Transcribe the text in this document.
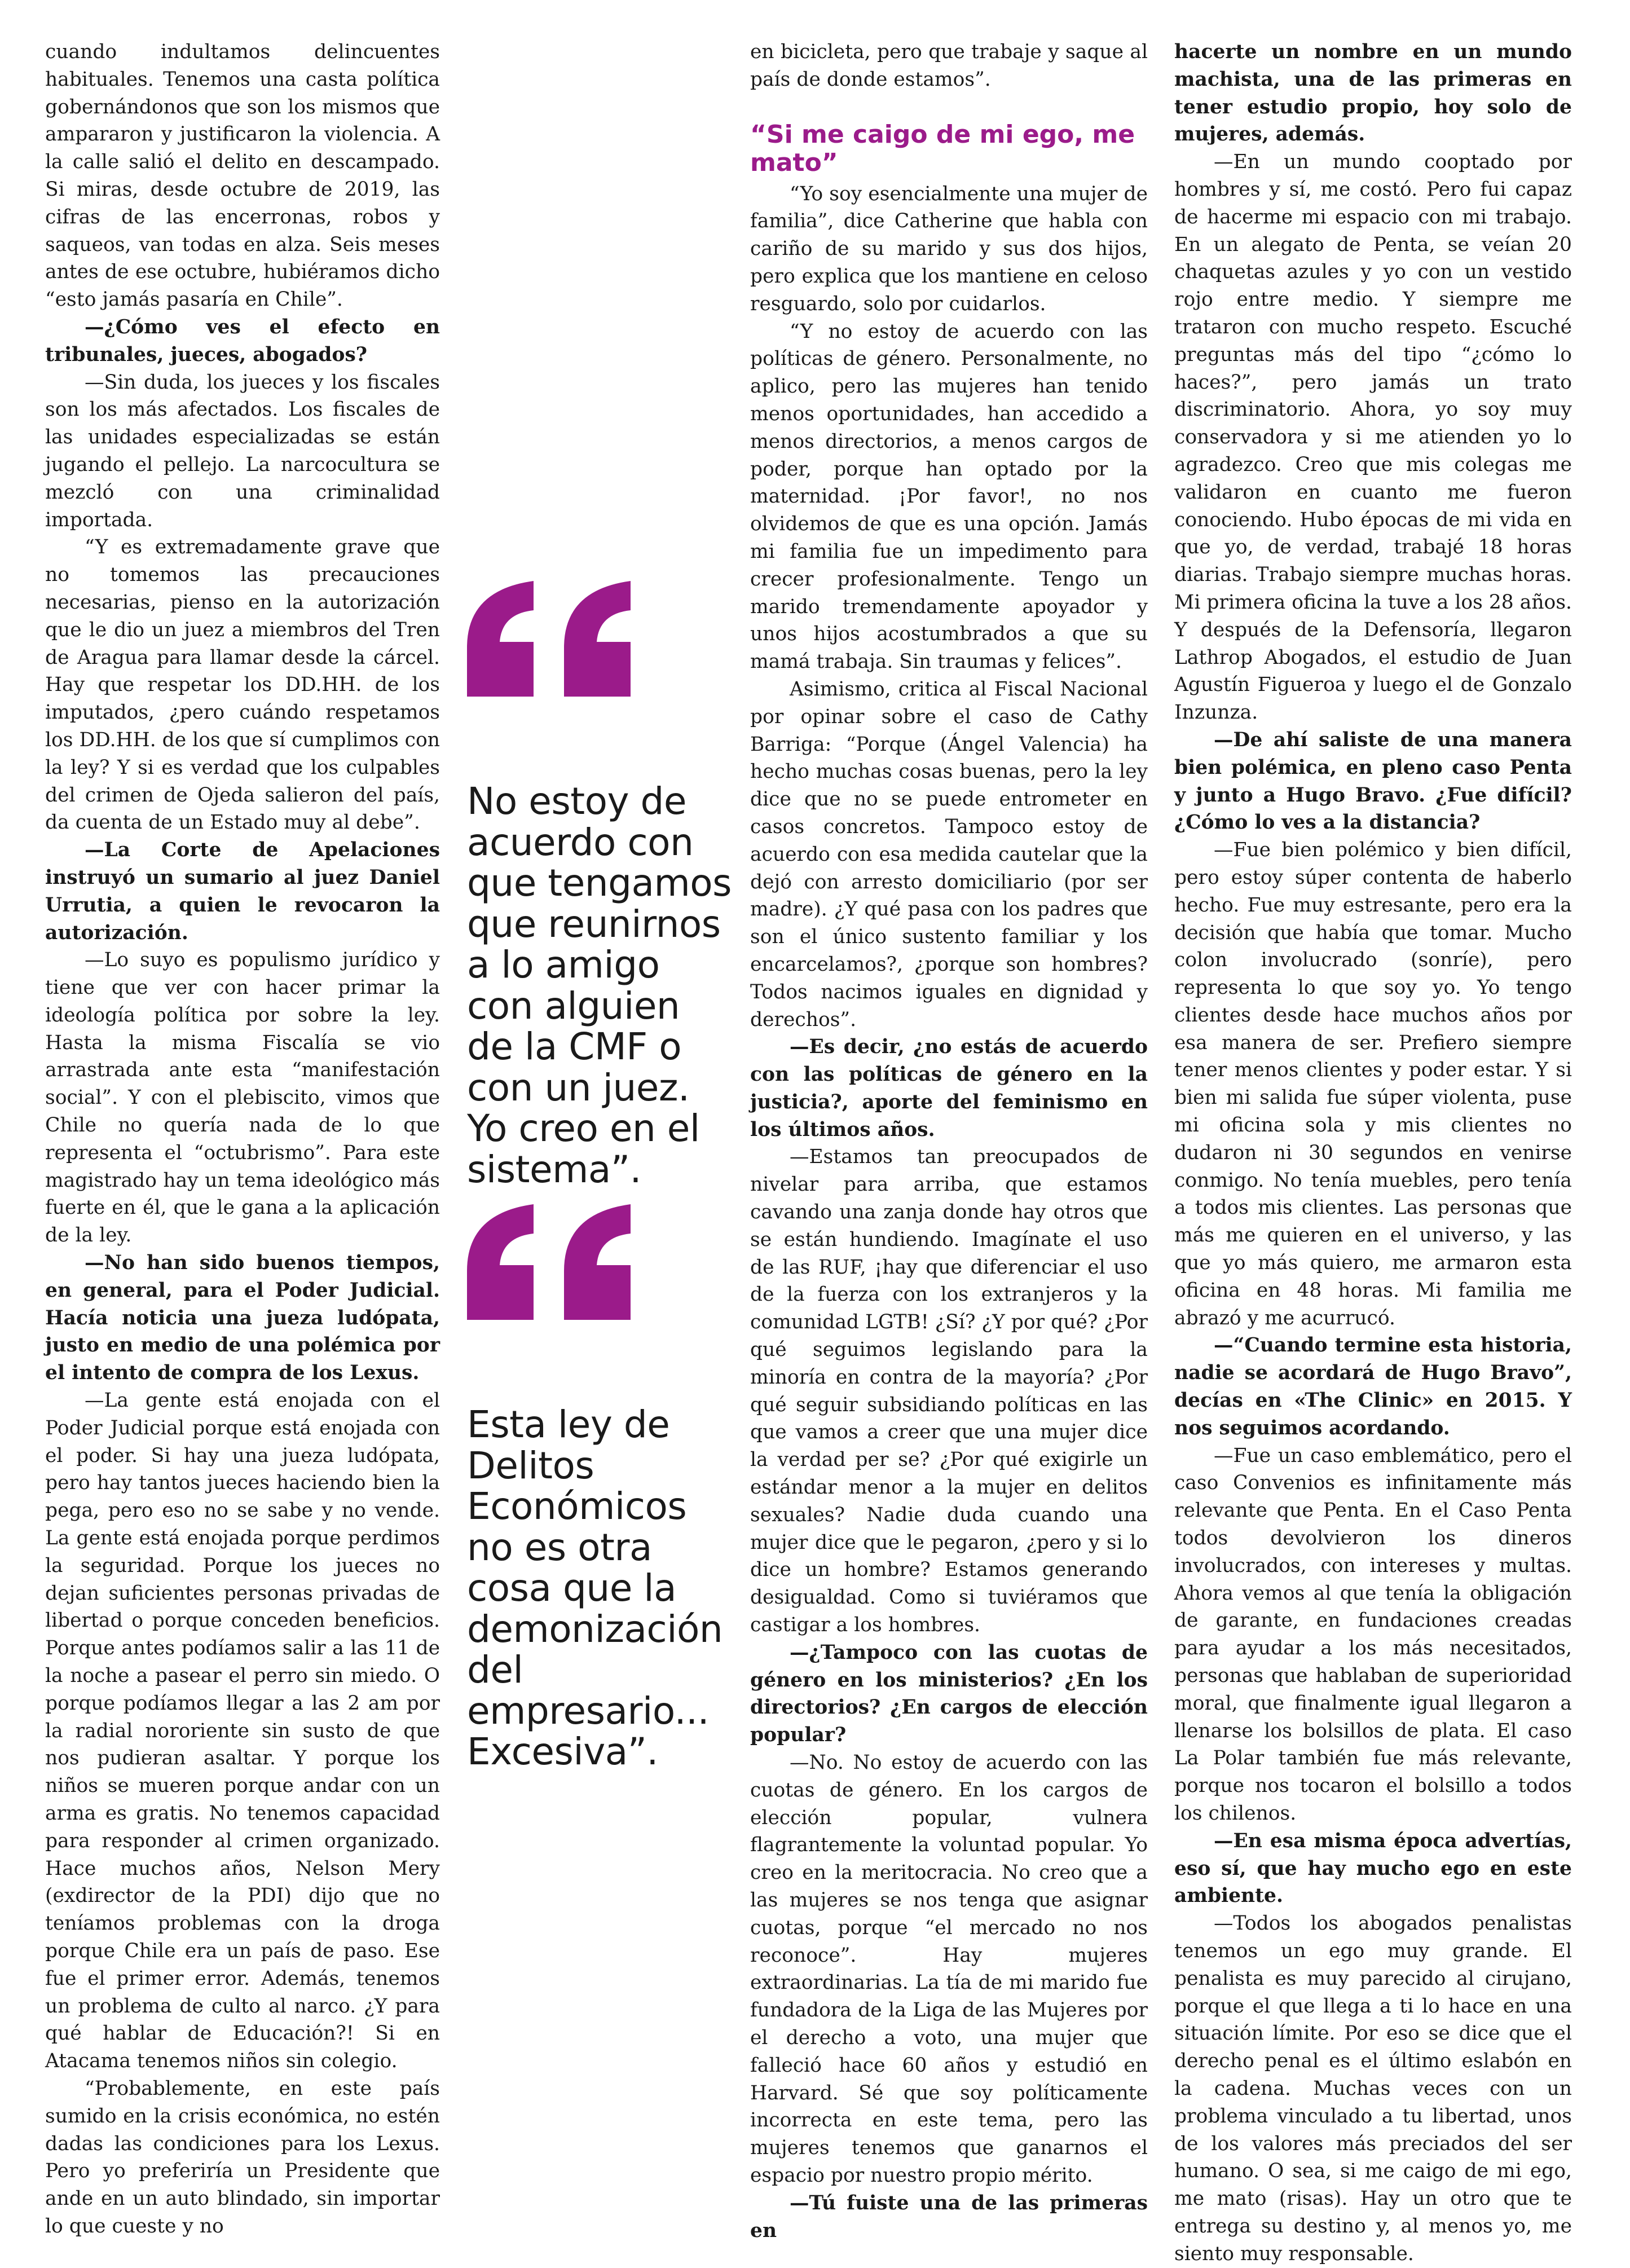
cuando indultamos delincuentes habituales. Tenemos una casta política gobernándonos que son los mismos que ampararon y justificaron la violencia. A la calle salió el delito en descampado. Si miras, desde octubre de 2019, las cifras de las encerronas, robos y saqueos, van todas en alza. Seis meses antes de ese octubre, hubiéramos dicho “esto jamás pasaría en Chile”.

—¿Cómo ves el efecto en tribunales, jueces, abogados?

—Sin duda, los jueces y los fiscales son los más afectados. Los fiscales de las unidades especializadas se están jugando el pellejo. La narcocultura se mezcló con una criminalidad importada.

“Y es extremadamente grave que no tomemos las precauciones necesarias, pienso en la autorización que le dio un juez a miembros del Tren de Aragua para llamar desde la cárcel. Hay que respetar los DD.HH. de los imputados, ¿pero cuándo respetamos los DD.HH. de los que sí cumplimos con la ley? Y si es verdad que los culpables del crimen de Ojeda salieron del país, da cuenta de un Estado muy al debe”.

—La Corte de Apelaciones instruyó un sumario al juez Daniel Urrutia, a quien le revocaron la autorización.

—Lo suyo es populismo jurídico y tiene que ver con hacer primar la ideología política por sobre la ley. Hasta la misma Fiscalía se vio arrastrada ante esta “manifestación social”. Y con el plebiscito, vimos que Chile no quería nada de lo que representa el “octubrismo”. Para este magistrado hay un tema ideológico más fuerte en él, que le gana a la aplicación de la ley.

—No han sido buenos tiempos, en general, para el Poder Judicial. Hacía noticia una jueza ludópata, justo en medio de una polémica por el intento de compra de los Lexus.

—La gente está enojada con el Poder Judicial porque está enojada con el poder. Si hay una jueza ludópata, pero hay tantos jueces haciendo bien la pega, pero eso no se sabe y no vende. La gente está enojada porque perdimos la seguridad. Porque los jueces no dejan suficientes personas privadas de libertad o porque conceden beneficios. Porque antes podíamos salir a las 11 de la noche a pasear el perro sin miedo. O porque podíamos llegar a las 2 am por la radial nororiente sin susto de que nos pudieran asaltar. Y porque los niños se mueren porque andar con un arma es gratis. No tenemos capacidad para responder al crimen organizado. Hace muchos años, Nelson Mery (exdirector de la PDI) dijo que no teníamos problemas con la droga porque Chile era un país de paso. Ese fue el primer error. Además, tenemos un problema de culto al narco. ¿Y para qué hablar de Educación?! Si en Atacama tenemos niños sin colegio.

“Probablemente, en este país sumido en la crisis económica, no estén dadas las condiciones para los Lexus. Pero yo preferiría un Presidente que ande en un auto blindado, sin importar lo que cueste y no

No estoy de acuerdo con que tengamos que reunirnos a lo amigo con alguien de la CMF o con un juez. Yo creo en el sistema”.
Esta ley de Delitos Económicos no es otra cosa que la demonización del empresario... Excesiva”.

en bicicleta, pero que trabaje y saque al país de donde estamos”.

“Si me caigo de mi ego, me mato”

“Yo soy esencialmente una mujer de familia”, dice Catherine que habla con cariño de su marido y sus dos hijos, pero explica que los mantiene en celoso resguardo, solo por cuidarlos.

“Y no estoy de acuerdo con las políticas de género. Personalmente, no aplico, pero las mujeres han tenido menos oportunidades, han accedido a menos directorios, a menos cargos de poder, porque han optado por la maternidad. ¡Por favor!, no nos olvidemos de que es una opción. Jamás mi familia fue un impedimento para crecer profesionalmente. Tengo un marido tremendamente apoyador y unos hijos acostumbrados a que su mamá trabaja. Sin traumas y felices”.

Asimismo, critica al Fiscal Nacional por opinar sobre el caso de Cathy Barriga: “Porque (Ángel Valencia) ha hecho muchas cosas buenas, pero la ley dice que no se puede entrometer en casos concretos. Tampoco estoy de acuerdo con esa medida cautelar que la dejó con arresto domiciliario (por ser madre). ¿Y qué pasa con los padres que son el único sustento familiar y los encarcelamos?, ¿porque son hombres? Todos nacimos iguales en dignidad y derechos”.

—Es decir, ¿no estás de acuerdo con las políticas de género en la justicia?, aporte del feminismo en los últimos años.

—Estamos tan preocupados de nivelar para arriba, que estamos cavando una zanja donde hay otros que se están hundiendo. Imagínate el uso de las RUF, ¡hay que diferenciar el uso de la fuerza con los extranjeros y la comunidad LGTB! ¿Sí? ¿Y por qué? ¿Por qué seguimos legislando para la minoría en contra de la mayoría? ¿Por qué seguir subsidiando políticas en las que vamos a creer que una mujer dice la verdad per se? ¿Por qué exigirle un estándar menor a la mujer en delitos sexuales? Nadie duda cuando una mujer dice que le pegaron, ¿pero y si lo dice un hombre? Estamos generando desigualdad. Como si tuviéramos que castigar a los hombres.

—¿Tampoco con las cuotas de género en los ministerios? ¿En los directorios? ¿En cargos de elección popular?

—No. No estoy de acuerdo con las cuotas de género. En los cargos de elección popular, vulnera flagrantemente la voluntad popular. Yo creo en la meritocracia. No creo que a las mujeres se nos tenga que asignar cuotas, porque “el mercado no nos reconoce”. Hay mujeres extraordinarias. La tía de mi marido fue fundadora de la Liga de las Mujeres por el derecho a voto, una mujer que falleció hace 60 años y estudió en Harvard. Sé que soy políticamente incorrecta en este tema, pero las mujeres tenemos que ganarnos el espacio por nuestro propio mérito.

—Tú fuiste una de las primeras en

hacerte un nombre en un mundo machista, una de las primeras en tener estudio propio, hoy solo de mujeres, además.

—En un mundo cooptado por hombres y sí, me costó. Pero fui capaz de hacerme mi espacio con mi trabajo. En un alegato de Penta, se veían 20 chaquetas azules y yo con un vestido rojo entre medio. Y siempre me trataron con mucho respeto. Escuché preguntas más del tipo “¿cómo lo haces?”, pero jamás un trato discriminatorio. Ahora, yo soy muy conservadora y si me atienden yo lo agradezco. Creo que mis colegas me validaron en cuanto me fueron conociendo. Hubo épocas de mi vida en que yo, de verdad, trabajé 18 horas diarias. Trabajo siempre muchas horas. Mi primera oficina la tuve a los 28 años. Y después de la Defensoría, llegaron Lathrop Abogados, el estudio de Juan Agustín Figueroa y luego el de Gonzalo Inzunza.

—De ahí saliste de una manera bien polémica, en pleno caso Penta y junto a Hugo Bravo. ¿Fue difícil? ¿Cómo lo ves a la distancia?

—Fue bien polémico y bien difícil, pero estoy súper contenta de haberlo hecho. Fue muy estresante, pero era la decisión que había que tomar. Mucho colon involucrado (sonríe), pero representa lo que soy yo. Yo tengo clientes desde hace muchos años por esa manera de ser. Prefiero siempre tener menos clientes y poder estar. Y si bien mi salida fue súper violenta, puse mi oficina sola y mis clientes no dudaron ni 30 segundos en venirse conmigo. No tenía muebles, pero tenía a todos mis clientes. Las personas que más me quieren en el universo, y las que yo más quiero, me armaron esta oficina en 48 horas. Mi familia me abrazó y me acurrucó.

—“Cuando termine esta historia, nadie se acordará de Hugo Bravo”, decías en «The Clinic» en 2015. Y nos seguimos acordando.

—Fue un caso emblemático, pero el caso Convenios es infinitamente más relevante que Penta. En el Caso Penta todos devolvieron los dineros involucrados, con intereses y multas. Ahora vemos al que tenía la obligación de garante, en fundaciones creadas para ayudar a los más necesitados, personas que hablaban de superioridad moral, que finalmente igual llegaron a llenarse los bolsillos de plata. El caso La Polar también fue más relevante, porque nos tocaron el bolsillo a todos los chilenos.

—En esa misma época advertías, eso sí, que hay mucho ego en este ambiente.

—Todos los abogados penalistas tenemos un ego muy grande. El penalista es muy parecido al cirujano, porque el que llega a ti lo hace en una situación límite. Por eso se dice que el derecho penal es el último eslabón en la cadena. Muchas veces con un problema vinculado a tu libertad, unos de los valores más preciados del ser humano. O sea, si me caigo de mi ego, me mato (risas). Hay un otro que te entrega su destino y, al menos yo, me siento muy responsable.
